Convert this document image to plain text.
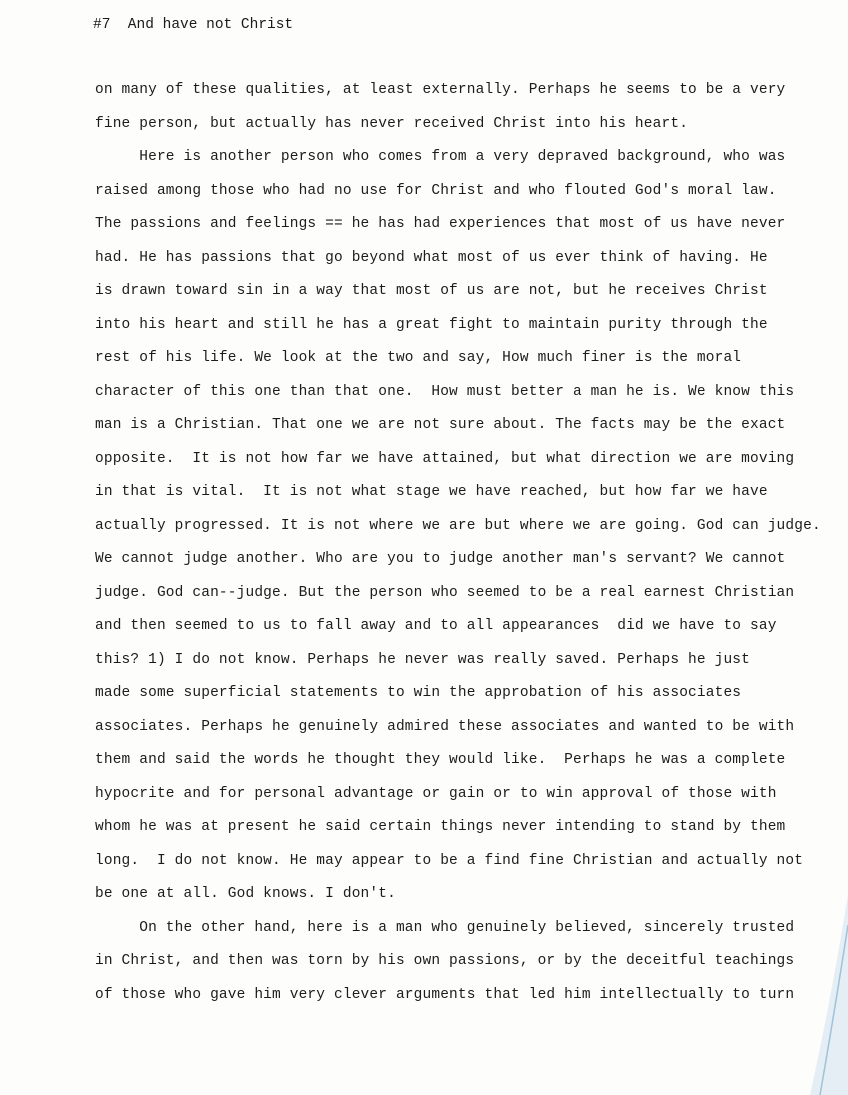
#7  And have not Christ
on many of these qualities, at least externally. Perhaps he seems to be a very
fine person, but actually has never received Christ into his heart.
Here is another person who comes from a very depraved background, who was
raised among those who had no use for Christ and who flouted God's moral law.
The passions and feelings == he has had experiences that most of us have never
had. He has passions that go beyond what most of us ever think of having. He
is drawn toward sin in a way that most of us are not, but he receives Christ
into his heart and still he has a great fight to maintain purity through the
rest of his life. We look at the two and say, How much finer is the moral
character of this one than that one.  How must better a man he is. We know this
man is a Christian. That one we are not sure about. The facts may be the exact
opposite.  It is not how far we have attained, but what direction we are moving
in that is vital.  It is not what stage we have reached, but how far we have
actually progressed. It is not where we are but where we are going. God can judge.
We cannot judge another. Who are you to judge another man's servant? We cannot
judge. God can--judge. But the person who seemed to be a real earnest Christian
and then seemed to us to fall away and to all appearances  did we have to say
this? 1) I do not know. Perhaps he never was really saved. Perhaps he just
made some superficial statements to win the approbation of his associates
associates. Perhaps he genuinely admired these associates and wanted to be with
them and said the words he thought they would like.  Perhaps he was a complete
hypocrite and for personal advantage or gain or to win approval of those with
whom he was at present he said certain things never intending to stand by them
long.  I do not know. He may appear to be a find fine Christian and actually not
be one at all. God knows. I don't.
On the other hand, here is a man who genuinely believed, sincerely trusted
in Christ, and then was torn by his own passions, or by the deceitful teachings
of those who gave him very clever arguments that led him intellectually to turn
